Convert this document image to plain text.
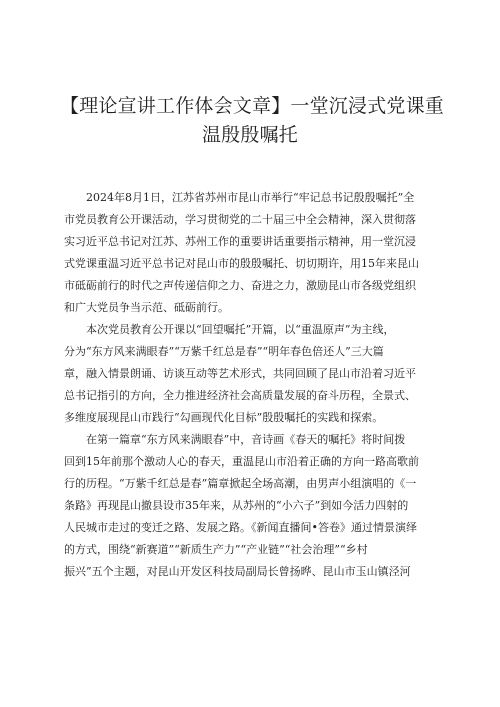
【理论宣讲工作体会文章】一堂沉浸式党课重
温殷殷嘱托
2024年8月1日，江苏省苏州市昆山市举行“牢记总书记殷殷嘱托”全
市党员教育公开课活动，学习贯彻党的二十届三中全会精神，深入贯彻落
实习近平总书记对江苏、苏州工作的重要讲话重要指示精神，用一堂沉浸
式党课重温习近平总书记对昆山市的殷殷嘱托、切切期许，用15年来昆山
市砥砺前行的时代之声传递信仰之力、奋进之力，激励昆山市各级党组织
和广大党员争当示范、砥砺前行。
本次党员教育公开课以“回望嘱托”开篇，以“重温原声”为主线，
分为“东方风来满眼春”“万紫千红总是春”“明年春色倍还人”三大篇
章，融入情景朗诵、访谈互动等艺术形式，共同回顾了昆山市沿着习近平
总书记指引的方向，全力推进经济社会高质量发展的奋斗历程，全景式、
多维度展现昆山市践行“勾画现代化目标”殷殷嘱托的实践和探索。
在第一篇章“东方风来满眼春”中，音诗画《春天的嘱托》将时间拨
回到15年前那个激动人心的春天，重温昆山市沿着正确的方向一路高歌前
行的历程。“万紫千红总是春”篇章掀起全场高潮，由男声小组演唱的《一
条路》再现昆山撤县设市35年来，从苏州的“小六子”到如今活力四射的
人民城市走过的变迁之路、发展之路。《新闻直播间•答卷》通过情景演绎
的方式，围绕“新赛道”“新质生产力”“产业链”“社会治理”“乡村
振兴”五个主题，对昆山开发区科技局副局长曾扬晔、昆山市玉山镇泾河
